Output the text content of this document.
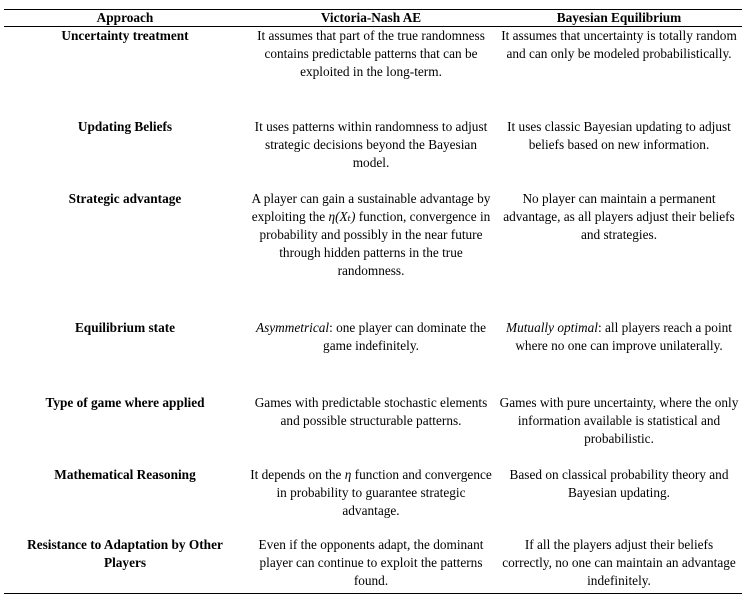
Approach	Victoria-Nash AE	Bayesian Equilibrium
Uncertainty treatment	It assumes that part of the true randomness contains predictable patterns that can be exploited in the long-term.	It assumes that uncertainty is totally random and can only be modeled probabilistically.
Updating Beliefs	It uses patterns within randomness to adjust strategic decisions beyond the Bayesian model.	It uses classic Bayesian updating to adjust beliefs based on new information.
Strategic advantage	A player can gain a sustainable advantage by exploiting the η(Xₜ) function, convergence in probability and possibly in the near future through hidden patterns in the true randomness.	No player can maintain a permanent advantage, as all players adjust their beliefs and strategies.
Equilibrium state	Asymmetrical: one player can dominate the game indefinitely.	Mutually optimal: all players reach a point where no one can improve unilaterally.
Type of game where applied	Games with predictable stochastic elements and possible structurable patterns.	Games with pure uncertainty, where the only information available is statistical and probabilistic.
Mathematical Reasoning	It depends on the η function and convergence in probability to guarantee strategic advantage.	Based on classical probability theory and Bayesian updating.
Resistance to Adaptation by Other Players	Even if the opponents adapt, the dominant player can continue to exploit the patterns found.	If all the players adjust their beliefs correctly, no one can maintain an advantage indefinitely.
